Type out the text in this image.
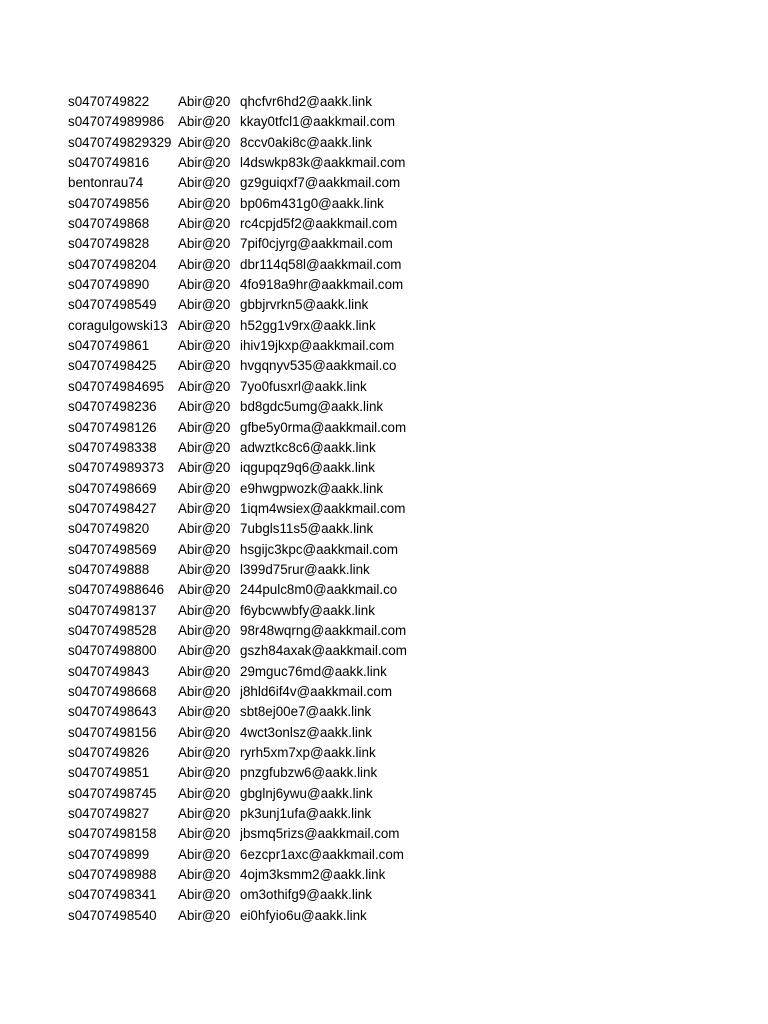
s0470749822	Abir@20 qhcfvr6hd2@aakk.link
s047074989986	Abir@20 kkay0tfcl1@aakkmail.com
s0470749829329 Abir@20 8ccv0aki8c@aakk.link
s0470749816	Abir@20 l4dswkp83k@aakkmail.com
bentonrau74	Abir@20 gz9guiqxf7@aakkmail.com
s0470749856	Abir@20 bp06m431g0@aakk.link
s0470749868	Abir@20 rc4cpjd5f2@aakkmail.com
s0470749828	Abir@20 7pif0cjyrg@aakkmail.com
s04707498204	Abir@20 dbr114q58l@aakkmail.com
s0470749890	Abir@20 4fo918a9hr@aakkmail.com
s04707498549	Abir@20 gbbjrvrkn5@aakk.link
coragulgowski13 Abir@20 h52gg1v9rx@aakk.link
s0470749861	Abir@20 ihiv19jkxp@aakkmail.com
s04707498425	Abir@20 hvgqnyv535@aakkmail.co
s047074984695	Abir@20 7yo0fusxrl@aakk.link
s04707498236	Abir@20 bd8gdc5umg@aakk.link
s04707498126	Abir@20 gfbe5y0rma@aakkmail.com
s04707498338	Abir@20 adwztkc8c6@aakk.link
s047074989373	Abir@20 iqgupqz9q6@aakk.link
s04707498669	Abir@20 e9hwgpwozk@aakk.link
s04707498427	Abir@20 1iqm4wsiex@aakkmail.com
s0470749820	Abir@20 7ubgls11s5@aakk.link
s04707498569	Abir@20 hsgijc3kpc@aakkmail.com
s0470749888	Abir@20 l399d75rur@aakk.link
s047074988646	Abir@20 244pulc8m0@aakkmail.co
s04707498137	Abir@20 f6ybcwwbfy@aakk.link
s04707498528	Abir@20 98r48wqrng@aakkmail.com
s04707498800	Abir@20 gszh84axak@aakkmail.com
s0470749843	Abir@20 29mguc76md@aakk.link
s04707498668	Abir@20 j8hld6if4v@aakkmail.com
s04707498643	Abir@20 sbt8ej00e7@aakk.link
s04707498156	Abir@20 4wct3onlsz@aakk.link
s0470749826	Abir@20 ryrh5xm7xp@aakk.link
s0470749851	Abir@20 pnzgfubzw6@aakk.link
s04707498745	Abir@20 gbglnj6ywu@aakk.link
s0470749827	Abir@20 pk3unj1ufa@aakk.link
s04707498158	Abir@20 jbsmq5rizs@aakkmail.com
s0470749899	Abir@20 6ezcpr1axc@aakkmail.com
s04707498988	Abir@20 4ojm3ksmm2@aakk.link
s04707498341	Abir@20 om3othifg9@aakk.link
s04707498540	Abir@20 ei0hfyio6u@aakk.link
